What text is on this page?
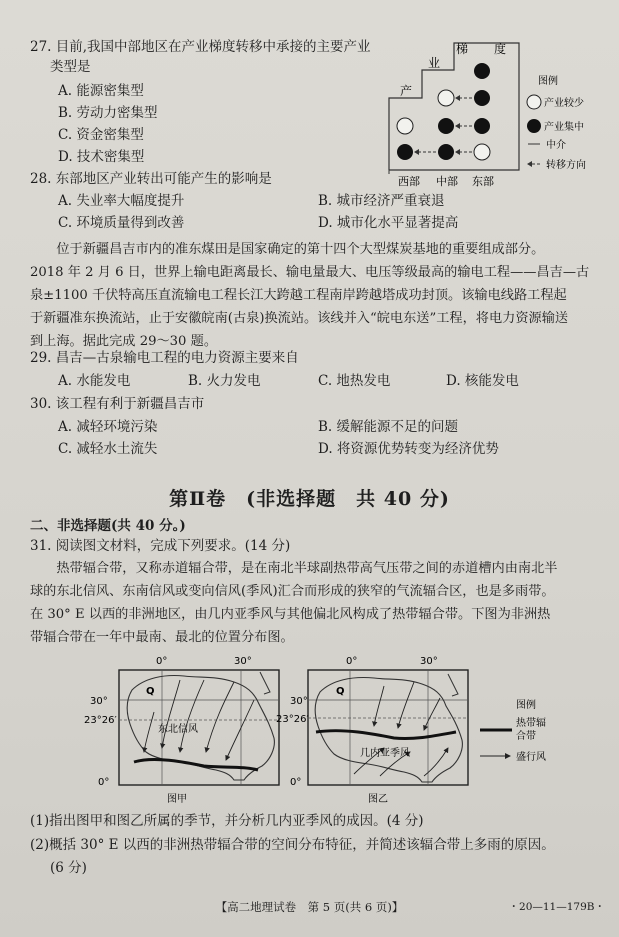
27. 目前,我国中部地区在产业梯度转移中承接的主要产业
类型是
A. 能源密集型
B. 劳动力密集型
C. 资金密集型
D. 技术密集型
产
业
梯 度
西部 中部 东部
图例
产业较少
产业集中
中介
转移方向
28. 东部地区产业转出可能产生的影响是
A. 失业率大幅度提升	B. 城市经济严重衰退
C. 环境质量得到改善	D. 城市化水平显著提高
　　位于新疆昌吉市内的准东煤田是国家确定的第十四个大型煤炭基地的重要组成部分。
2018 年 2 月 6 日，世界上输电距离最长、输电量最大、电压等级最高的输电工程——昌吉—古
泉±1100 千伏特高压直流输电工程长江大跨越工程南岸跨越塔成功封顶。该输电线路工程起
于新疆准东换流站，止于安徽皖南(古泉)换流站。该线并入“皖电东送”工程，将电力资源输送
到上海。据此完成 29～30 题。
29. 昌吉—古泉输电工程的电力资源主要来自
A. 水能发电	B. 火力发电	C. 地热发电	D. 核能发电
30. 该工程有利于新疆昌吉市
A. 减轻环境污染	B. 缓解能源不足的问题
C. 减轻水土流失	D. 将资源优势转变为经济优势
第Ⅱ卷　(非选择题　共 40 分)
二、非选择题(共 40 分。)
31. 阅读图文材料，完成下列要求。(14 分)
　　热带辐合带，又称赤道辐合带，是在南北半球副热带高气压带之间的赤道槽内由南北半
球的东北信风、东南信风或变向信风(季风)汇合而形成的狭窄的气流辐合区，也是多雨带。
在 30° E 以西的非洲地区，由几内亚季风与其他偏北风构成了热带辐合带。下图为非洲热
带辐合带在一年中最南、最北的位置分布图。
0°	30°
30°
23°26′
0°
Q
东北信风
图甲
0°	30°
30°
23°26′
0°
Q
几内亚季风
图乙
图例
热带辐
合带
盛行风
(1)指出图甲和图乙所属的季节，并分析几内亚季风的成因。(4 分)
(2)概括 30° E 以西的非洲热带辐合带的空间分布特征，并简述该辐合带上多雨的原因。
(6 分)
【高二地理试卷　第 5 页(共 6 页)】	・20—11—179B・
